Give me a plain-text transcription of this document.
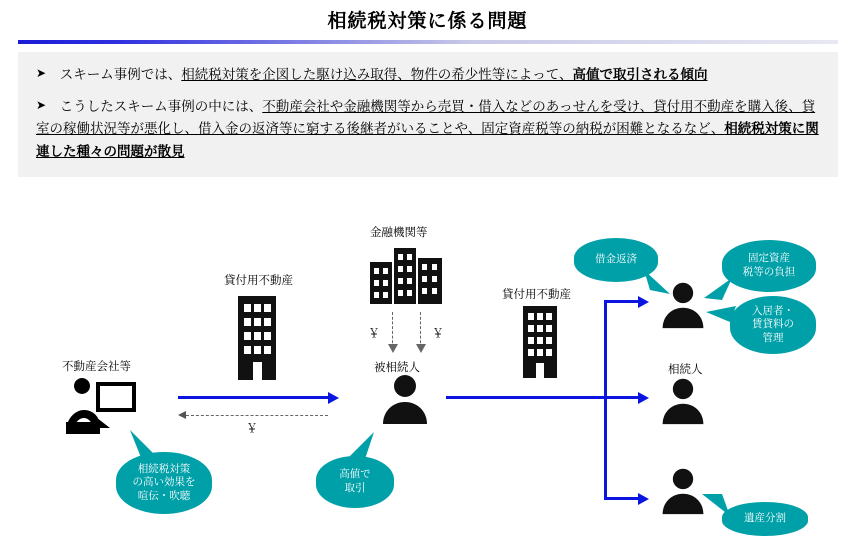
相続税対策に係る問題
➤ スキーム事例では、相続税対策を企図した駆け込み取得、物件の希少性等によって、高値で取引される傾向
➤ こうしたスキーム事例の中には、不動産会社や金融機関等から売買・借入などのあっせんを受け、貸付用不動産を購入後、貸室の稼働状況等が悪化し、借入金の返済等に窮する後継者がいることや、固定資産税等の納税が困難となるなど、相続税対策に関連した種々の問題が散見
不動産会社等
金融機関等
貸付用不動産
貸付用不動産
被相続人	相続人
相続税対策
の高い効果を
喧伝・吹聴
￥
￥	￥
高値で
取引
借金返済	固定資産
税等の負担
入居者・
賃貸料の
管理
遺産分割
